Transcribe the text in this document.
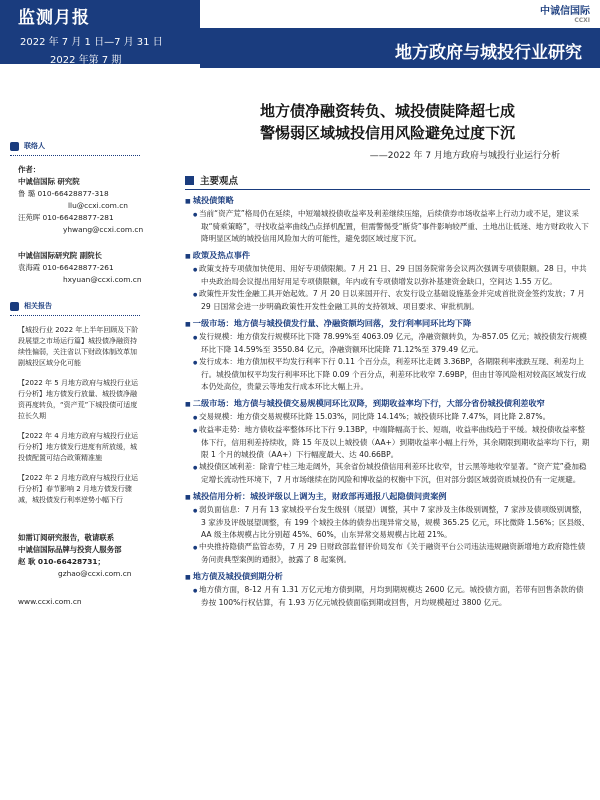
监测月报
2022 年 7 月 1 日—7 月 31 日
2022 年第 7 期
中诚信国际
CCXI
地方政府与城投行业研究
联络人
作者：
中诚信国际 研究院
鲁 璐 010-66428877-318
llu@ccxi.com.cn
汪苑晖 010-66428877-281
yhwang@ccxi.com.cn
中诚信国际研究院 副院长
袁海霞 010-66428877-261
hxyuan@ccxi.com.cn
相关报告
【城投行业 2022 年上半年回顾及下阶段展望之市场运行篇】城投债净融资持续性偏弱，关注省以下财政体制改革加剧城投区域分化可能
【2022 年 5 月地方政府与城投行业运行分析】地方债发行放量、城投债净融资再度转负，“资产荒”下城投债可适度拉长久期
【2022 年 4 月地方政府与城投行业运行分析】地方债发行进度有所放缓，城投债配置可结合政策精准施
【2022 年 2 月地方政府与城投行业运行分析】春节影响 2 月地方债发行骤减，城投债发行利率逆势小幅下行
如需订阅研究报告，敬请联系
中诚信国际品牌与投资人服务部
赵 耿 010-66428731；
gzhao@ccxi.com.cn
www.ccxi.com.cn
地方债净融资转负、城投债陡降超七成
警惕弱区域城投信用风险避免过度下沉
——2022 年 7 月地方政府与城投行业运行分析
主要观点
■ 城投债策略
● 当前“资产荒”格局仍在延续，中短端城投债收益率及利差继续压缩，后续债券市场收益率上行动力或不足，建议采取“骑乘策略”，寻找收益率曲线凸点择机配置，但需警惕受“断贷”事件影响较严重、土地出让低迷、地方财政收入下降明显区域的城投信用风险加大的可能性，避免弱区域过度下沉。
■ 政策及热点事件
● 政策支持专项债加快使用、用好专项债限额。7 月 21 日、29 日国务院常务会议两次强调专项债限额。28 日，中共中央政治局会议提出用好用足专项债限额，年内或有专项债增发以弥补基建资金缺口，空间达 1.55 万亿。
● 政策性开发性金融工具开始起效。7 月 20 日以来国开行、农发行设立基础设施基金并完成首批资金签约发放；7 月 29 日国常会进一步明确政策性开发性金融工具的支持领域、项目要求、审批机制。
■ 一级市场：地方债与城投债发行量、净融资额均回落，发行利率同环比均下降
● 发行规模：地方债发行规模环比下降 78.99%至 4063.09 亿元，净融资额转负，为-857.05 亿元；城投债发行规模环比下降 14.59%至 3550.84 亿元，净融资额环比陡降 71.12%至 379.49 亿元。
● 发行成本：地方债加权平均发行利率下行 0.11 个百分点，利差环比走阔 3.36BP，各期限利率涨跌互现、利差均上行。城投债加权平均发行利率环比下降 0.09 个百分点，利差环比收窄 7.69BP，但由甘等风险相对较高区域发行成本仍处高位，贵蒙云等地发行成本环比大幅上升。
■ 二级市场：地方债与城投债交易规模同环比双降，到期收益率均下行，大部分省份城投债利差收窄
● 交易规模：地方债交易规模环比降 15.03%，同比降 14.14%；城投债环比降 7.47%，同比降 2.87%。
● 收益率走势：地方债收益率整体环比下行 9.13BP，中端降幅高于长、短端，收益率曲线趋于平缓。城投债收益率整体下行，信用利差持续收，降 15 年及以上城投债（AA+）到期收益率小幅上行外，其余期限到期收益率均下行，期限 1 个月的城投债（AA+）下行幅度最大、达 40.66BP。
● 城投债区域利差：除青宁桂三地走阔外，其余省份城投债信用利差环比收窄，甘云黑等地收窄显著。“资产荒”叠加稳定增长流动性环境下，7 月市场继续在防风险和博收益的权衡中下沉，但对部分弱区域弱资质城投仍有一定规避。
■ 城投信用分析：城投评级以上调为主，财政部再通报八起隐债问责案例
● 弱负面信息：7 月有 13 家城投平台发生级别（展望）调整，其中 7 家涉及主体级别调整，7 家涉及债项级别调整，3 家涉及评级展望调整，有 199 个城投主体的债券出现异常交易，规模 365.25 亿元，环比微降 1.56%；区县级、AA 级主体规模占比分别超 45%、60%，山东异常交易规模占比超 21%。
● 中央推持隐债严监管态势，7 月 29 日财政部监督评价局发布《关于融资平台公司违法违规融资新增地方政府隐性债务问责典型案例的通报》，披露了 8 起案例。
■ 地方债及城投债到期分析
● 地方债方面，8-12 月有 1.31 万亿元地方债到期，月均到期规模达 2600 亿元。城投债方面，若带有回售条款的债券按 100%行权估算，有 1.93 万亿元城投债面临到期或回售，月均规模超过 3800 亿元。
